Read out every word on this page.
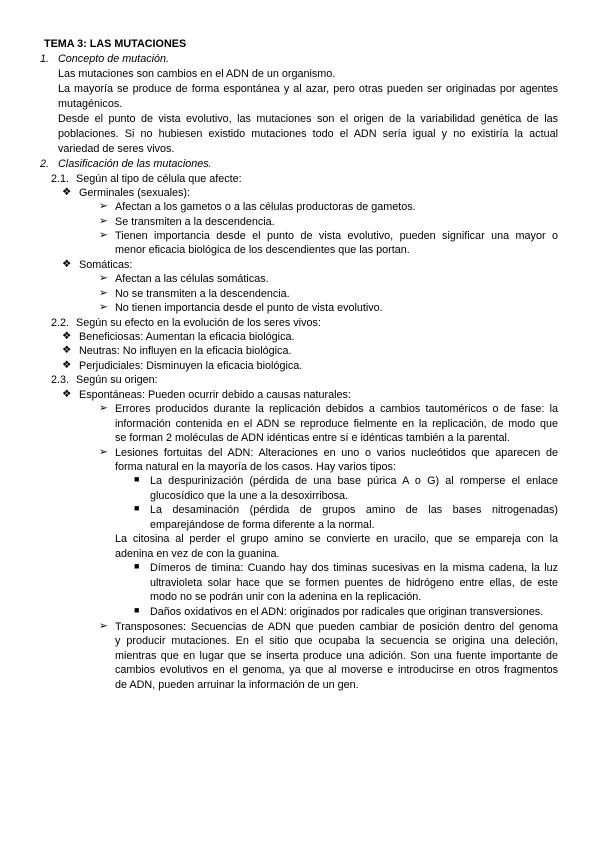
TEMA 3: LAS MUTACIONES
1. Concepto de mutación.
Las mutaciones son cambios en el ADN de un organismo.
La mayoría se produce de forma espontánea y al azar, pero otras pueden ser originadas por agentes
mutagénicos.
Desde el punto de vista evolutivo, las mutaciones son el origen de la variabilidad genética de las
poblaciones. Si no hubiesen existido mutaciones todo el ADN sería igual y no existiría la actual
variedad de seres vivos.
2. Clasificación de las mutaciones.
2.1. Según al tipo de célula que afecte:
❖ Germinales (sexuales):
➢ Afectan a los gametos o a las células productoras de gametos.
➢ Se transmiten a la descendencia.
➢ Tienen importancia desde el punto de vista evolutivo, pueden significar una mayor o
menor eficacia biológica de los descendientes que las portan.
❖ Somáticas:
➢ Afectan a las células somáticas.
➢ No se transmiten a la descendencia.
➢ No tienen importancia desde el punto de vista evolutivo.
2.2. Según su efecto en la evolución de los seres vivos:
❖ Beneficiosas: Aumentan la eficacia biológica.
❖ Neutras: No influyen en la eficacia biológica.
❖ Perjudiciales: Disminuyen la eficacia biológica.
2.3. Según su origen:
❖ Espontáneas: Pueden ocurrir debido a causas naturales:
➢ Errores producidos durante la replicación debidos a cambios tautoméricos o de fase: la
información contenida en el ADN se reproduce fielmente en la replicación, de modo que
se forman 2 moléculas de ADN idénticas entre sí e idénticas también a la parental.
➢ Lesiones fortuitas del ADN: Alteraciones en uno o varios nucleótidos que aparecen de
forma natural en la mayoría de los casos. Hay varios tipos:
■ La despurinización (pérdida de una base púrica A o G) al romperse el enlace
glucosídico que la une a la desoxirribosa.
■ La desaminación (pérdida de grupos amino de las bases nitrogenadas)
emparejándose de forma diferente a la normal.
La citosina al perder el grupo amino se convierte en uracilo, que se empareja con la
adenina en vez de con la guanina.
■ Dímeros de timina: Cuando hay dos timinas sucesivas en la misma cadena, la luz
ultravioleta solar hace que se formen puentes de hidrógeno entre ellas, de este
modo no se podrán unir con la adenina en la replicación.
■ Daños oxidativos en el ADN: originados por radicales que originan transversiones.
➢ Transposones: Secuencias de ADN que pueden cambiar de posición dentro del genoma
y producir mutaciones. En el sitio que ocupaba la secuencia se origina una deleción,
mientras que en lugar que se inserta produce una adición. Son una fuente importante de
cambios evolutivos en el genoma, ya que al moverse e introducirse en otros fragmentos
de ADN, pueden arruinar la información de un gen.
